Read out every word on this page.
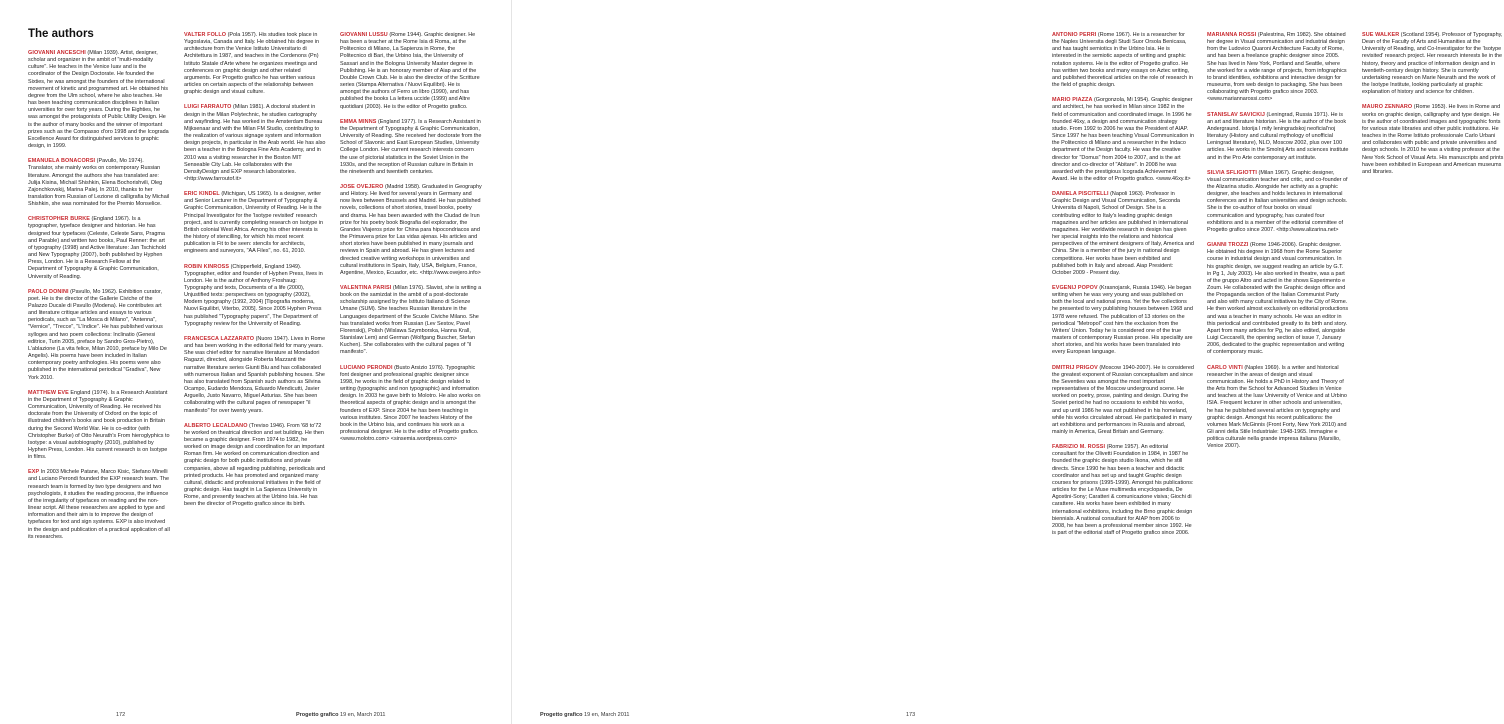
The authors
GIOVANNI ANCESCHI (Milan 1939). Artist, designer, scholar and organizer in the ambit of "multi-modality culture". He teaches in the Venice Iuav and is the coordinator of the Design Doctorate. He founded the Sixties, he was amongst the founders of the international movement of kinetic and programmed art. He obtained his degree from the Ulm school, where he also teaches. He has been teaching communication disciplines in Italian universities for over forty years. During the Eighties, he was amongst the protagonists of Public Utility Design. He is the author of many books and the winner of important prizes such as the Compasso d'oro 1998 and the Icograda Excellence Award for distinguished services to graphic design, in 1999.
EMANUELA BONACORSI (Pavullo, Mo 1974). Translator, she mainly works on contemporary Russian literature. Amongst the authors she has translated are: Julija Kisina, Michail Shishkin, Elena Bochorishvili, Oleg Zajonchkovskij, Marina Palej. In 2010, thanks to her translation from Russian of Lezione di calligrafia by Michail Shishkin, she was nominated for the Premio Monselice.
CHRISTOPHER BURKE (England 1967). Is a typographer, typeface designer and historian. He has designed four typefaces (Celeste, Celeste Sans, Pragma and Parable) and written two books, Paul Renner: the art of typography (1998) and Active literature: Jan Tschichold and New Typography (2007), both published by Hyphen Press, London. He is a Research Fellow at the Department of Typography & Graphic Communication, University of Reading.
PAOLO DONINI (Pavullo, Mo 1962). Exhibition curator, poet. He is the director of the Gallerie Civiche of the Palazzo Ducale di Pavullo (Modena). He contributes art and literature critique articles and essays to various periodicals, such as "La Mosca di Milano", "Antenna", "Vernice", "Trecce", "L'Indice". He has published various sylloges and two poem collections: Inclinatio (Genesi editrice, Turin 2005, preface by Sandro Gros-Pietro), L'ablazione (La vita felice, Milan 2010, preface by Milo De Angelis). His poems have been included in Italian contemporary poetry anthologies. His poems were also published in the international periodical "Gradiva", New York 2010.
MATTHEW EVE England (1974). Is a Research Assistant in the Department of Typography & Graphic Communication, University of Reading. He received his doctorate from the University of Oxford on the topic of illustrated children's books and book production in Britain during the Second World War. He is co-editor (with Christopher Burke) of Otto Neurath's From hieroglyphics to Isotype: a visual autobiography (2010), published by Hyphen Press, London. His current research is on Isotype in films.
EXP In 2003 Michele Patane, Marco Kisic, Stefano Minelli and Luciano Perondi founded the EXP research team. The research team is formed by two type designers and two psychologists, it studies the reading process, the influence of the irregularity of typefaces on reading and the non-linear script. All these researches are applied to type and information and their aim is to improve the design of typefaces for text and sign systems. EXP is also involved in the design and publication of a practical application of all its researches.
VALTER FOLLO (Pola 1957). His studies took place in Yugoslavia, Canada and Italy. He obtained his degree in architecture from the Venice Istituto Universitario di Architettura in 1987, and teaches in the Cordenons (Pn) Istituto Statale d'Arte where he organizes meetings and conferences on graphic design and other related arguments. For Progetto grafico he has written various articles on certain aspects of the relationship between graphic design and visual culture.
LUIGI FARRAUTO (Milan 1981). A doctoral student in design in the Milan Polytechnic, he studies cartography and wayfinding. He has worked in the Amsterdam Bureau Mijksenaar and with the Milan FM Studio, contributing to the realization of various signage system and information design projects, in particular in the Arab world. He has also been a teacher in the Bologna Fine Arts Academy, and in 2010 was a visiting researcher in the Boston MIT Senseable City Lab. He collaborates with the DensityDesign and EXP research laboratories. <http://www.farroutof.it>
ERIC KINDEL (Michigan, US 1965). Is a designer, writer and Senior Lecturer in the Department of Typography & Graphic Communication, University of Reading. He is the Principal Investigator for the 'Isotype revisited' research project, and is currently completing research on Isotype in British colonial West Africa. Among his other interests is the history of stencilling, for which his most recent publication is Fit to be seen: stencils for architects, engineers and surveyors, "AA Files", no. 61, 2010.
ROBIN KINROSS (Chipperfield, England 1949). Typographer, editor and founder of Hyphen Press, lives in London. He is the author of Anthony Froshaug: Typography and texts, Documents of a life (2000), Unjustified texts: perspectives on typography (2002), Modern typography (1992, 2004) [Tipografia moderna, Nuovi Equilibri, Viterbo, 2005]. Since 2005 Hyphen Press has published "Typography papers", The Department of Typography review for the University of Reading.
FRANCESCA LAZZARATO (Nuoro 1947). Lives in Rome and has been working in the editorial field for many years. She was chief editor for narrative literature at Mondadori Ragazzi, directed, alongside Roberta Mazzanti the narrative literature series Giunti Blu and has collaborated with numerous Italian and Spanish publishing houses. She has also translated from Spanish such authors as Silvina Ocampo, Eudardo Mendoza, Eduardo Mendicutti, Javier Arguello, Justo Navarro, Miguel Asturias. She has been collaborating with the cultural pages of newspaper "il manifesto" for over twenty years.
ALBERTO LECALDANO (Treviso 1946). From '68 to'72 he worked on theatrical direction and set building. He then became a graphic designer. From 1974 to 1982, he worked on image design and coordination for an important Roman firm. He worked on communication direction and graphic design for both public institutions and private companies, above all regarding publishing, periodicals and printed products. He has promoted and organized many cultural, didactic and professional initiatives in the field of graphic design. Has taught in La Sapienza University in Rome, and presently teaches at the Urbino Isia. He has been the director of Progetto grafico since its birth.
GIOVANNI LUSSU (Rome 1944). Graphic designer. He has been a teacher at the Rome Isia di Roma, at the Politecnico di Milano, La Sapienza in Rome, the Politecnico di Bari, the Urbino Isia, the University of Sassari and in the Bologna University Master degree in Publishing. He is an honorary member of Aiap and of the Double Crown Club. He is also the director of the Scritture series (Stampa Alternativa / Nuovi Equilibri). He is amongst the authors of Ferro un libro (1990), and has published the books La lettera uccide (1999) and Altre quotidiani (2003). He is the editor of Progetto grafico.
EMMA MINNS (England 1977). Is a Research Assistant in the Department of Typography & Graphic Communication, University of Reading. She received her doctorate from the School of Slavonic and East European Studies, University College London. Her current research interests concern the use of pictorial statistics in the Soviet Union in the 1930s, and the reception of Russian culture in Britain in the nineteenth and twentieth centuries.
JOSE OVEJERO (Madrid 1958). Graduated in Geography and History. He lived for several years in Germany and now lives between Brussels and Madrid. He has published novels, collections of short stories, travel books, poetry and drama. He has been awarded with the Ciudad de Irun prize for his poetry book Biografia del explorador, the Grandes Viajeros prize for China para hipocondriacos and the Primavera prize for Las vidas ajenas. His articles and short stories have been published in many journals and reviews in Spain and abroad. He has given lectures and directed creative writing workshops in universities and cultural institutions in Spain, Italy, USA, Belgium, France, Argentine, Mexico, Ecuador, etc. <http://www.ovejero.info>
VALENTINA PARISI (Milan 1976). Slavist, she is writing a book on the samizdat in the ambit of a post-doctorate scholarship assigned by the Istituto Italiano di Scienze Umane (SUM). She teaches Russian literature in the Languages department of the Scuole Civiche Milano. She has translated works from Russian (Lev Sestov, Pavel Florenskij), Polish (Wislawa Szymborska, Hanna Krall, Stanislaw Lem) and German (Wolfgang Buscher, Stefan Kuchen). She collaborates with the cultural pages of "il manifesto".
LUCIANO PERONDI (Busto Arsizio 1976). Typographic font designer and professional graphic designer since 1998, he works in the field of graphic design related to writing (typographic and non typographic) and information design. In 2003 he gave birth to Molotro. He also works on theoretical aspects of graphic design and is amongst the founders of EXP. Since 2004 he has been teaching in various institutes. Since 2007 he teaches History of the book in the Urbino Isia, and continues his work as a professional designer. He is the editor of Progetto grafico. <www.molotro.com> <sinsemia.wordpress.com>
172	Progetto grafico 19 en, March 2011
ANTONIO PERRI (Rome 1967). He is a researcher for the Naples Universita degli Studi Suor Orsola Benicasa, and has taught semiotics in the Urbino Isia. He is interested in the semiotic aspects of writing and graphic notation systems. He is the editor of Progetto grafico. He has written two books and many essays on Aztec writing, and published theoretical articles on the role of research in the field of graphic design.
MARIO PIAZZA (Gorgonzola, Mi 1954). Graphic designer and architect, he has worked in Milan since 1982 in the field of communication and coordinated image. In 1996 he founded 46xy, a design and communication strategy studio. From 1992 to 2006 he was the President of AIAP. Since 1997 he has been teaching Visual Communication in the Politecnico di Milano and a researcher in the Indaco department of the Design faculty. He was the creative director for "Domus" from 2004 to 2007, and is the art director and co-director of "Abitare". In 2008 he was awarded with the prestigious Icograda Achievement Award. He is the editor of Progetto grafico. <www.46xy.it>
DANIELA PISCITELLI (Napoli 1963). Professor in Graphic Design and Visual Communication, Seconda Universita di Napoli, School of Design. She is a contributing editor to Italy's leading graphic design magazines and her articles are published in international magazines. Her worldwide research in design has given her special insights into the relations and historical perspectives of the eminent designers of Italy, America and China. She is a member of the jury in national design competitions. Her works have been exhibited and published both in Italy and abroad. Aiap President: October 2009 - Present day.
EVGENIJ POPOV (Krasnojarsk, Russia 1946). He began writing when he was very young and was published on both the local and national press. Yet the five collections he presented to very publishing houses between 1968 and 1978 were refused. The publication of 13 stories on the periodical "Metropol" cost him the exclusion from the Writers' Union. Today he is considered one of the true masters of contemporary Russian prose. His speciality are short stories, and his works have been translated into every European language.
DMITRIJ PRIGOV (Moscow 1940-2007). He is considered the greatest exponent of Russian conceptualism and since the Seventies was amongst the most important representatives of the Moscow underground scene. He worked on poetry, prose, painting and design. During the Soviet period he had no occasions to exhibit his works, and up until 1986 he was not published in his homeland, while his works circulated abroad. He participated in many art exhibitions and performances in Russia and abroad, mainly in America, Great Britain and Germany.
FABRIZIO M. ROSSI (Rome 1957). An editorial consultant for the Olivetti Foundation in 1984, in 1987 he founded the graphic design studio Ikona, which he still directs. Since 1990 he has been a teacher and didactic coordinator and has set up and taught Graphic design courses for prisons (1995-1999). Amongst his publications: articles for the Le Muse multimedia encyclopaedia, De Agostini-Sony; Caratteri & comunicazione visiva; Giochi di carattere. His works have been exhibited in many international exhibitions, including the Brno graphic design biennials. A national consultant for AIAP from 2006 to 2008, he has been a professional member since 1992. He is part of the editorial staff of Progetto grafico since 2006.
MARIANNA ROSSI (Palestrina, Rm 1982). She obtained her degree in Visual communication and industrial design from the Ludovico Quaroni Architecture Faculty of Rome, and has been a freelance graphic designer since 2005. She has lived in New York, Portland and Seattle, where she worked for a wide range of projects, from infographics to brand identities, exhibitions and interactive design for museums, from web design to packaging. She has been collaborating with Progetto grafico since 2003. <www.mariannarossi.com>
STANISLAV SAVICKIJ (Leningrad, Russia 1971). He is an art and literature historian. He is the author of the book Andergraund. Istorija I mify leningradskoj neoficial'noj literatury (History and cultural mythology of unofficial Leningrad literature), NLO, Moscow 2002, plus over 100 articles. He works in the Smolnij Arts and sciences institute and in the Pro Arte contemporary art institute.
SILVIA SFLIGIOTTI (Milan 1967). Graphic designer, visual communication teacher and critic, and co-founder of the Alizarina studio. Alongside her activity as a graphic designer, she teaches and holds lectures in international conferences and in Italian universities and design schools. She is the co-author of four books on visual communication and typography, has curated four exhibitions and is a member of the editorial committee of Progetto grafico since 2007. <http://www.alizarina.net>
GIANNI TROZZI (Rome 1946-2006). Graphic designer. He obtained his degree in 1968 from the Rome Superior course in industrial design and visual communication. In his graphic design, we suggest reading an article by G.T. in Pg 1, July 2003). He also worked in theatre, was a part of the gruppo Altro and acted in the shows Esperimento e Zoum. He collaborated with the Graphic design office and the Propaganda section of the Italian Communist Party and also with many cultural initiatives by the City of Rome. He then worked almost exclusively on editorial productions and was a teacher in many schools. He was an editor in this periodical and contributed greatly to its birth and story. Apart from many articles for Pg, he also edited, alongside Luigi Ceccarelli, the opening section of issue 7, January 2006, dedicated to the graphic representation and writing of contemporary music.
CARLO VINTI (Naples 1969). Is a writer and historical researcher in the areas of design and visual communication. He holds a PhD in History and Theory of the Arts from the School for Advanced Studies in Venice and teaches at the Iuav University of Venice and at Urbino ISIA. Frequent lecturer in other schools and universities, he has he published several articles on typography and graphic design. Amongst his recent publications: the volumes Mark McGinnis (Front Forty, New York 2010) and Gli anni della Stile Industriale: 1948-1965. Immagine e politica culturale nella grande impresa italiana (Marsilio, Venice 2007).
SUE WALKER (Scotland 1954). Professor of Typography, Dean of the Faculty of Arts and Humanities at the University of Reading, and Co-Investigator for the 'Isotype revisited' research project. Her research interests lie in the history, theory and practice of information design and in twentieth-century design history. She is currently undertaking research on Marie Neurath and the work of the Isotype Institute, looking particularly at graphic explanation of history and science for children.
MAURO ZENNARO (Rome 1953). He lives in Rome and works on graphic design, calligraphy and type design. He is the author of coordinated images and typographic fonts for various state libraries and other public institutions. He teaches in the Rome Istituto professionale Carlo Urbani and collaborates with public and private universities and design schools. In 2010 he was a visiting professor at the New York School of Visual Arts. His manuscripts and prints have been exhibited in European and American museums and libraries.
Progetto grafico 19 en, March 2011	173
